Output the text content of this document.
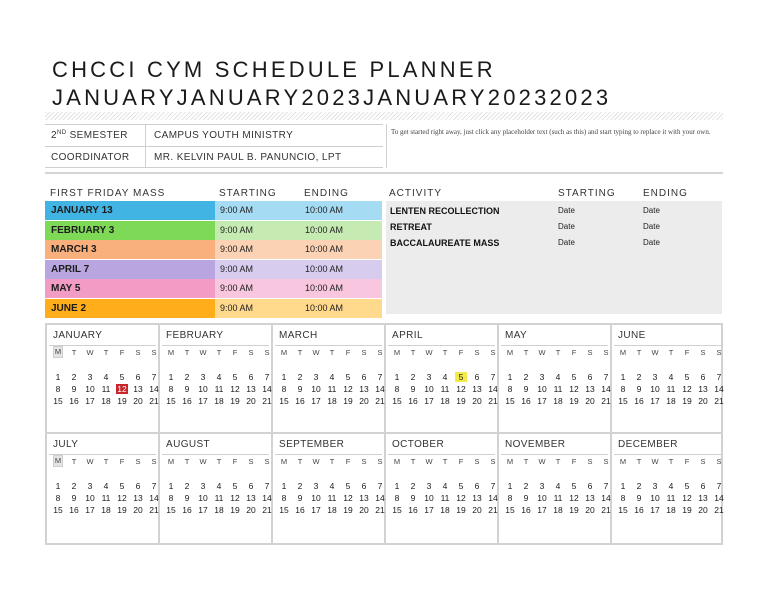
CHCCI CYM SCHEDULE PLANNER
JANUARYJANUARY2023JANUARY20232023
2ND SEMESTER	CAMPUS YOUTH MINISTRY
COORDINATOR MR. KELVIN PAUL B. PANUNCIO, LPT
To get started right away, just click any placeholder text (such as this) and start typing to replace it with your own.
FIRST FRIDAY MASS	STARTING	ENDING	ACTIVITY	STARTING	ENDING
JANUARY 13	9:00 AM	10:00 AM
FEBRUARY 3	9:00 AM	10:00 AM
MARCH 3	9:00 AM	10:00 AM
APRIL 7	9:00 AM	10:00 AM
MAY 5	9:00 AM	10:00 AM
JUNE 2	9:00 AM	10:00 AM
LENTEN RECOLLECTION	Date	Date
RETREAT	Date	Date
BACCALAUREATE MASS	Date	Date
JANUARY
M	T	W	T	F	S	S
1	2	3	4	5	6	7
8	9	10 11 12 13 14
15 16 17 18 19 20 21
FEBRUARY
M	T	W	T	F	S	S
1	2	3	4	5	6	7
8	9	10 11 12 13 14
15 16 17 18 19 20 21
MARCH
M	T	W	T	F	S	S
1	2	3	4	5	6	7
8	9	10 11 12 13 14
15 16 17 18 19 20 21
APRIL
M	T	W	T	F	S	S
1	2	3	4	5	6	7
8	9	10 11 12 13 14
15 16 17 18 19 20 21
MAY
M	T	W	T	F	S	S
1	2	3	4	5	6	7
8	9	10 11 12 13 14
15 16 17 18 19 20 21
JUNE
M	T	W	T	F	S	S
1	2	3	4	5	6	7
8	9	10 11 12 13 14
15 16 17 18 19 20 21
JULY
M	T	W	T	F	S	S
1	2	3	4	5	6	7
8	9	10 11 12 13 14
15 16 17 18 19 20 21
AUGUST
M	T	W	T	F	S	S
1	2	3	4	5	6	7
8	9	10 11 12 13 14
15 16 17 18 19 20 21
SEPTEMBER
M	T	W	T	F	S	S
1	2	3	4	5	6	7
8	9	10 11 12 13 14
15 16 17 18 19 20 21
OCTOBER
M	T	W	T	F	S	S
1	2	3	4	5	6	7
8	9	10 11 12 13 14
15 16 17 18 19 20 21
NOVEMBER
M	T	W	T	F	S	S
1	2	3	4	5	6	7
8	9	10 11 12 13 14
15 16 17 18 19 20 21
DECEMBER
M	T	W	T	F	S	S
1	2	3	4	5	6	7
8	9	10 11 12 13 14
15 16 17 18 19 20 21
